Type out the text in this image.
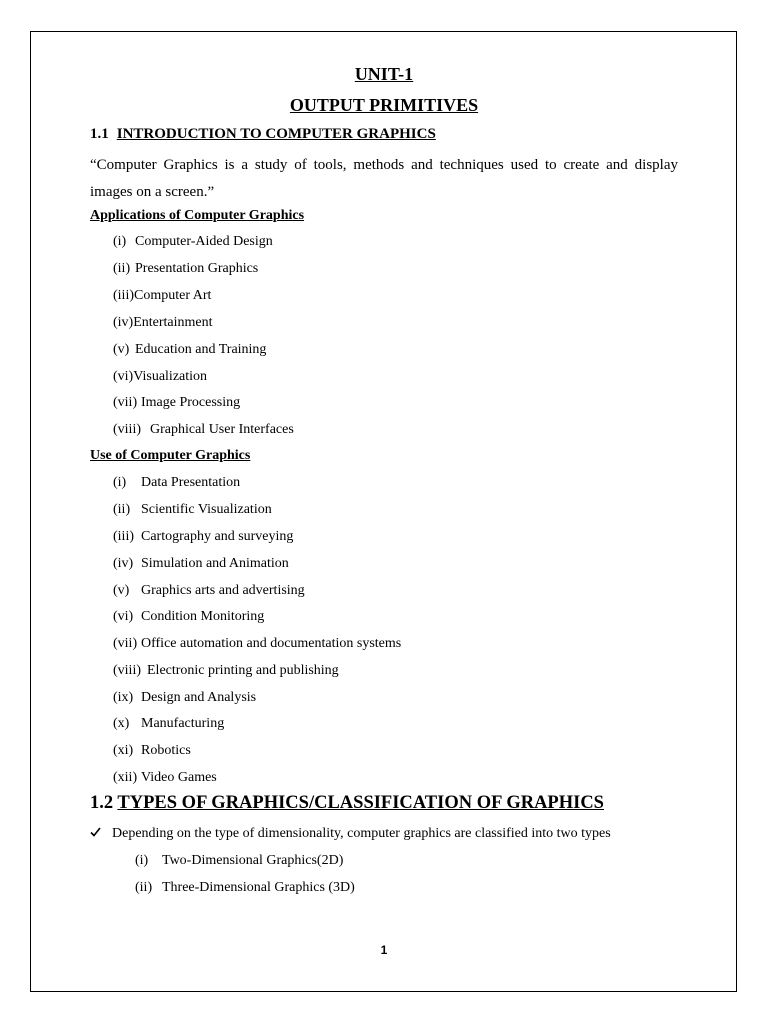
UNIT-1
OUTPUT PRIMITIVES
1.1 INTRODUCTION TO COMPUTER GRAPHICS
“Computer Graphics is a study of tools, methods and techniques used to create and display images on a screen.”
Applications of Computer Graphics
(i) Computer-Aided Design
(ii) Presentation Graphics
(iii)Computer Art
(iv)Entertainment
(v) Education and Training
(vi)Visualization
(vii) Image Processing
(viii) Graphical User Interfaces
Use of Computer Graphics
(i) Data Presentation
(ii) Scientific Visualization
(iii) Cartography and surveying
(iv) Simulation and Animation
(v) Graphics arts and advertising
(vi) Condition Monitoring
(vii) Office automation and documentation systems
(viii) Electronic printing and publishing
(ix) Design and Analysis
(x) Manufacturing
(xi) Robotics
(xii) Video Games
1.2 TYPES OF GRAPHICS/CLASSIFICATION OF GRAPHICS
Depending on the type of dimensionality, computer graphics are classified into two types
(i) Two-Dimensional Graphics(2D)
(ii) Three-Dimensional Graphics (3D)
1
